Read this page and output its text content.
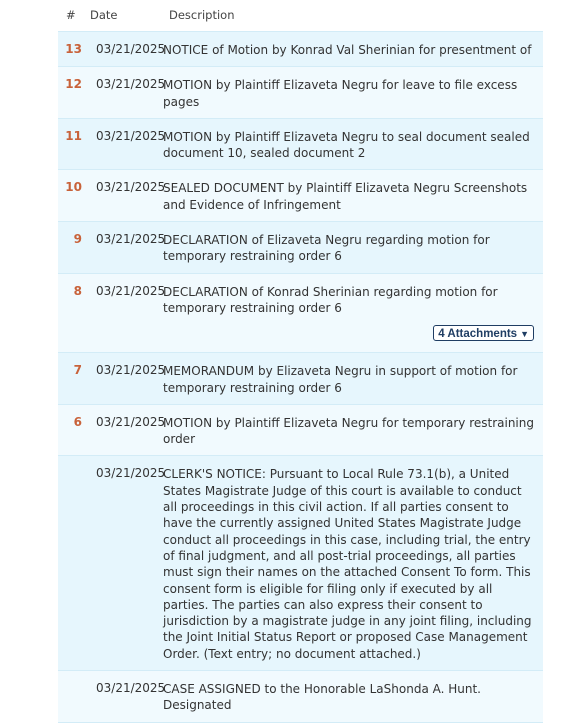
# Date	Description
13 03/21/2025
NOTICE of Motion by Konrad Val Sherinian for presentment of
12 03/21/2025
MOTION by Plaintiff Elizaveta Negru for leave to file excess pages
11 03/21/2025
MOTION by Plaintiff Elizaveta Negru to seal document sealed document 10, sealed document 2
10 03/21/2025
SEALED DOCUMENT by Plaintiff Elizaveta Negru Screenshots and Evidence of Infringement
9 03/21/2025
DECLARATION of Elizaveta Negru regarding motion for temporary restraining order 6
8 03/21/2025
DECLARATION of Konrad Sherinian regarding motion for temporary restraining order 6
4 Attachments ▼
7 03/21/2025
MEMORANDUM by Elizaveta Negru in support of motion for temporary restraining order 6
6 03/21/2025
MOTION by Plaintiff Elizaveta Negru for temporary restraining order
03/21/2025
CLERK'S NOTICE: Pursuant to Local Rule 73.1(b), a United States Magistrate Judge of this court is available to conduct all proceedings in this civil action. If all parties consent to have the currently assigned United States Magistrate Judge conduct all proceedings in this case, including trial, the entry of final judgment, and all post-trial proceedings, all parties must sign their names on the attached Consent To form. This consent form is eligible for filing only if executed by all parties. The parties can also express their consent to jurisdiction by a magistrate judge in any joint filing, including the Joint Initial Status Report or proposed Case Management Order. (Text entry; no document attached.)
03/21/2025
CASE ASSIGNED to the Honorable LaShonda A. Hunt. Designated
